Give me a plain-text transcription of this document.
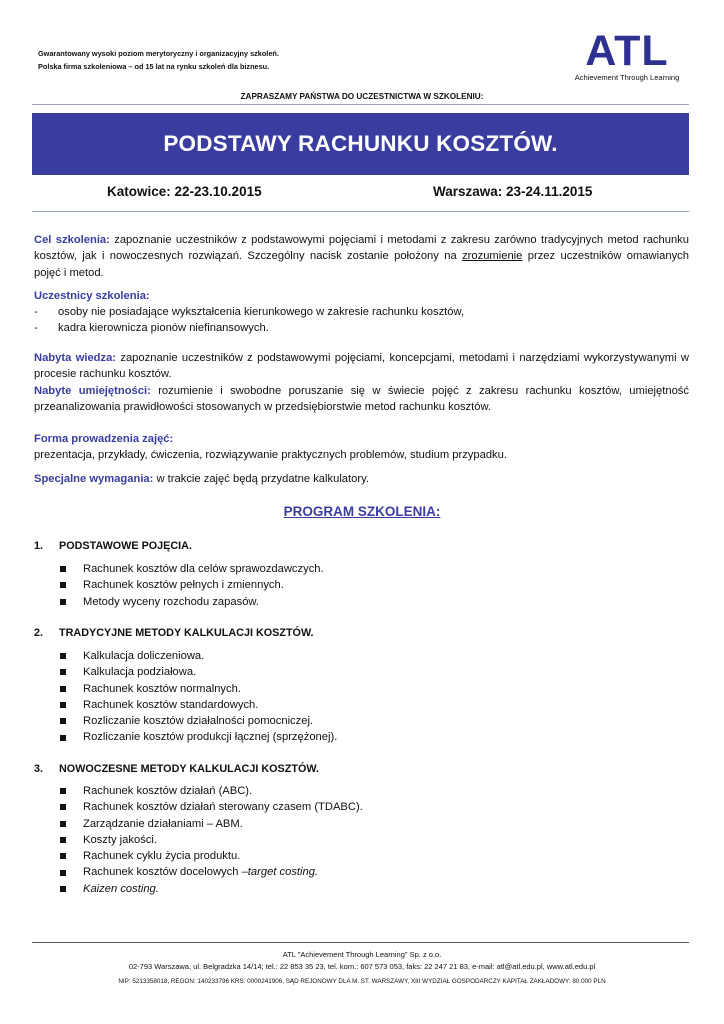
Gwarantowany wysoki poziom merytoryczny i organizacyjny szkoleń.
Polska firma szkoleniowa – od 15 lat na rynku szkoleń dla biznesu.	ATL
Achievement Through Learning
ZAPRASZAMY PAŃSTWA DO UCZESTNICTWA W SZKOLENIU:
PODSTAWY RACHUNKU KOSZTÓW.
Katowice: 22-23.10.2015	Warszawa: 23-24.11.2015
Cel szkolenia: zapoznanie uczestników z podstawowymi pojęciami i metodami z zakresu zarówno tradycyjnych metod rachunku kosztów, jak i nowoczesnych rozwiązań. Szczególny nacisk zostanie położony na zrozumienie przez uczestników omawianych pojęć i metod.
Uczestnicy szkolenia:
-	osoby nie posiadające wykształcenia kierunkowego w zakresie rachunku kosztów,
-	kadra kierownicza pionów niefinansowych.
Nabyta wiedza: zapoznanie uczestników z podstawowymi pojęciami, koncepcjami, metodami i narzędziami wykorzystywanymi w procesie rachunku kosztów.
Nabyte umiejętności: rozumienie i swobodne poruszanie się w świecie pojęć z zakresu rachunku kosztów, umiejętność przeanalizowania prawidłowości stosowanych w przedsiębiorstwie metod rachunku kosztów.
Forma prowadzenia zajęć:
prezentacja, przykłady, ćwiczenia, rozwiązywanie praktycznych problemów, studium przypadku.
Specjalne wymagania: w trakcie zajęć będą przydatne kalkulatory.
PROGRAM SZKOLENIA:
1. PODSTAWOWE POJĘCIA.
Rachunek kosztów dla celów sprawozdawczych.
Rachunek kosztów pełnych i zmiennych.
Metody wyceny rozchodu zapasów.
2. TRADYCYJNE METODY KALKULACJI KOSZTÓW.
Kalkulacja doliczeniowa.
Kalkulacja podziałowa.
Rachunek kosztów normalnych.
Rachunek kosztów standardowych.
Rozliczanie kosztów działalności pomocniczej.
Rozliczanie kosztów produkcji łącznej (sprzężonej).
3. NOWOCZESNE METODY KALKULACJI KOSZTÓW.
Rachunek kosztów działań (ABC).
Rachunek kosztów działań sterowany czasem (TDABC).
Zarządzanie działaniami – ABM.
Koszty jakości.
Rachunek cyklu życia produktu.
Rachunek kosztów docelowych – target costing.
Kaizen costing.
ATL "Achievement Through Learning" Sp. z o.o.
02-793 Warszawa, ul. Belgradzka 14/14; tel.: 22 853 35 23, tel. kom.: 607 573 053, faks: 22 247 21 83, e-mail: atl@atl.edu.pl, www.atl.edu.pl
NIP: 5213358018, REGON: 140233796 KRS: 0000241906, SĄD REJONOWY DLA M. ST. WARSZAWY, XIII WYDZIAŁ GOSPODARCZY KAPITAŁ ZAKŁADOWY: 80.000 PLN
